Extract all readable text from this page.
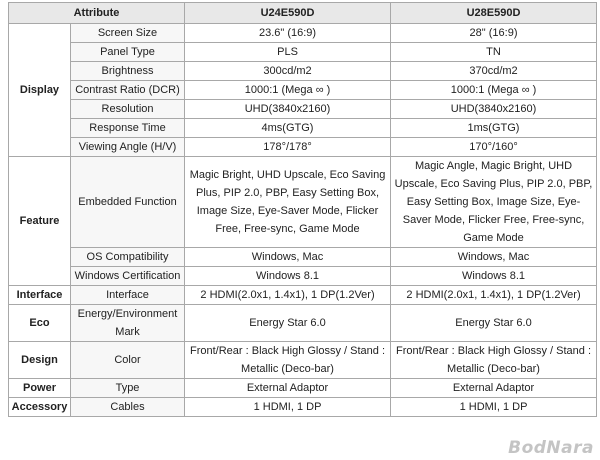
Attribute		U24E590D	U28E590D
Display	Screen Size	23.6" (16:9)	28" (16:9)
	Panel Type	PLS	TN
	Brightness	300cd/m2	370cd/m2
	Contrast Ratio (DCR)	1000:1 (Mega ∞ )	1000:1 (Mega ∞ )

	Resolution	UHD(3840x2160)	UHD(3840x2160)
	Response Time	4ms(GTG)	1ms(GTG)
	Viewing Angle (H/V)	178°/178°	170°/160°
Feature	Embedded Function	Magic Bright, UHD Upscale, Eco Saving Plus, PIP 2.0, PBP, Easy Setting Box, Image Size, Eye-Saver Mode, Flicker Free, Free-sync, Game Mode	Magic Angle, Magic Bright, UHD Upscale, Eco Saving Plus, PIP 2.0, PBP, Easy Setting Box, Image Size, Eye-Saver Mode, Flicker Free, Free-sync, Game Mode
	OS Compatibility	Windows, Mac	Windows, Mac
	Windows Certification	Windows 8.1	Windows 8.1
Interface	Interface	2 HDMI(2.0x1, 1.4x1), 1 DP(1.2Ver)	2 HDMI(2.0x1, 1.4x1), 1 DP(1.2Ver)
Eco	Energy/Environment Mark	Energy Star 6.0	Energy Star 6.0
Design	Color	Front/Rear : Black High Glossy / Stand : Metallic (Deco-bar)	Front/Rear : Black High Glossy / Stand : Metallic (Deco-bar)
Power	Type	External Adaptor	External Adaptor
Accessory	Cables	1 HDMI, 1 DP	1 HDMI, 1 DP
BodNara
